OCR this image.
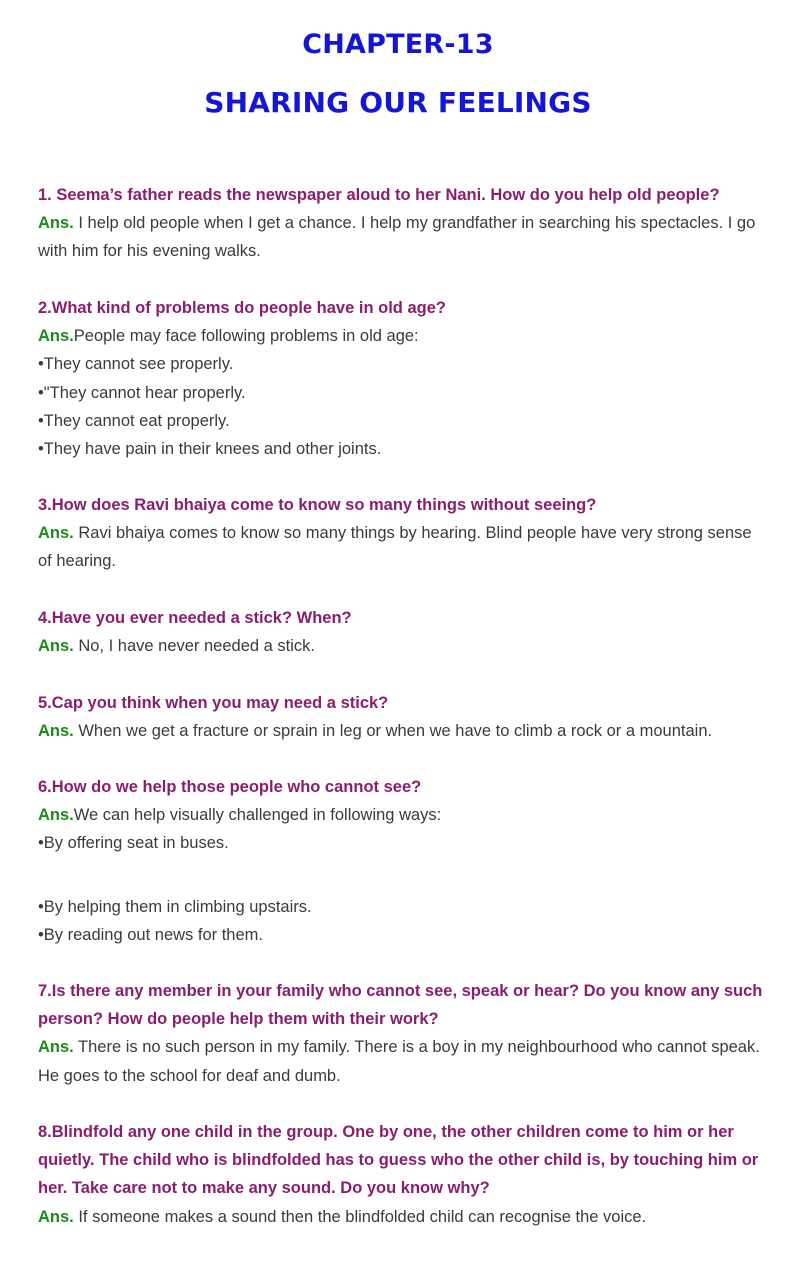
CHAPTER-13
SHARING OUR FEELINGS
1. Seema’s father reads the newspaper aloud to her Nani. How do you help old people?
Ans. I help old people when I get a chance. I help my grandfather in searching his spectacles. I go with him for his evening walks.
2.What kind of problems do people have in old age?
Ans.People may face following problems in old age:
•They cannot see properly.
•"They cannot hear properly.
•They cannot eat properly.
•They have pain in their knees and other joints.
3.How does Ravi bhaiya come to know so many things without seeing?
Ans. Ravi bhaiya comes to know so many things by hearing. Blind people have very strong sense of hearing.
4.Have you ever needed a stick? When?
Ans. No, I have never needed a stick.
5.Cap you think when you may need a stick?
Ans. When we get a fracture or sprain in leg or when we have to climb a rock or a mountain.
6.How do we help those people who cannot see?
Ans.We can help visually challenged in following ways:
•By offering seat in buses.
•By helping them in climbing upstairs.
•By reading out news for them.
7.Is there any member in your family who cannot see, speak or hear? Do you know any such person? How do people help them with their work?
Ans. There is no such person in my family. There is a boy in my neighbourhood who cannot speak. He goes to the school for deaf and dumb.
8.Blindfold any one child in the group. One by one, the other children come to him or her quietly. The child who is blindfolded has to guess who the other child is, by touching him or her. Take care not to make any sound. Do you know why?
Ans. If someone makes a sound then the blindfolded child can recognise the voice.
